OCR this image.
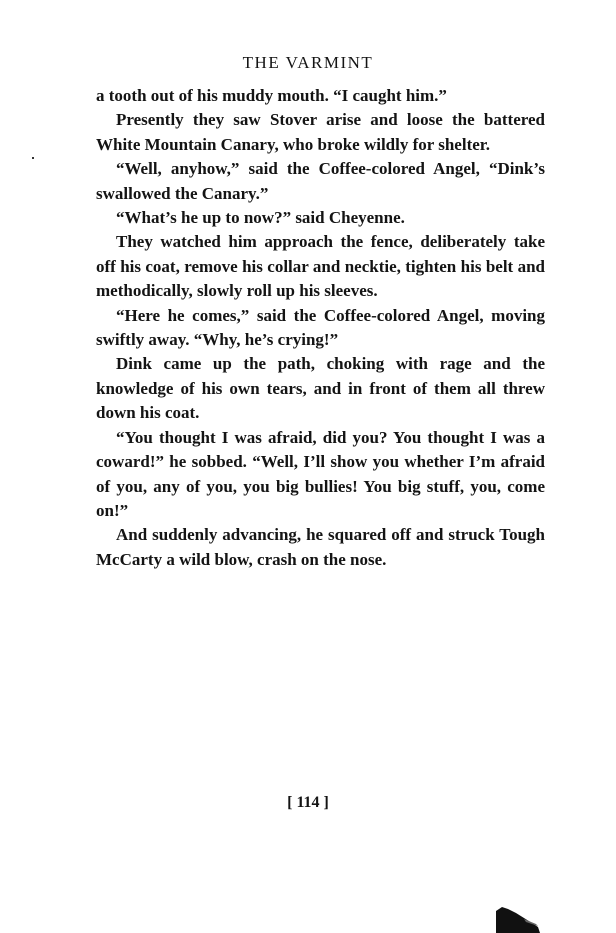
THE VARMINT

a tooth out of his muddy mouth. “I caught him.”

Presently they saw Stover arise and loose the battered White Mountain Canary, who broke wildly for shelter.

“Well, anyhow,” said the Coffee-colored Angel, “Dink’s swallowed the Canary.”

“What’s he up to now?” said Cheyenne.

They watched him approach the fence, deliberately take off his coat, remove his collar and necktie, tighten his belt and methodically, slowly roll up his sleeves.

“Here he comes,” said the Coffee-colored Angel, moving swiftly away. “Why, he’s crying!”

Dink came up the path, choking with rage and the knowledge of his own tears, and in front of them all threw down his coat.

“You thought I was afraid, did you? You thought I was a coward!” he sobbed. “Well, I’ll show you whether I’m afraid of you, any of you, you big bullies! You big stuff, you, come on!”

And suddenly advancing, he squared off and struck Tough McCarty a wild blow, crash on the nose.

[ 114 ]
